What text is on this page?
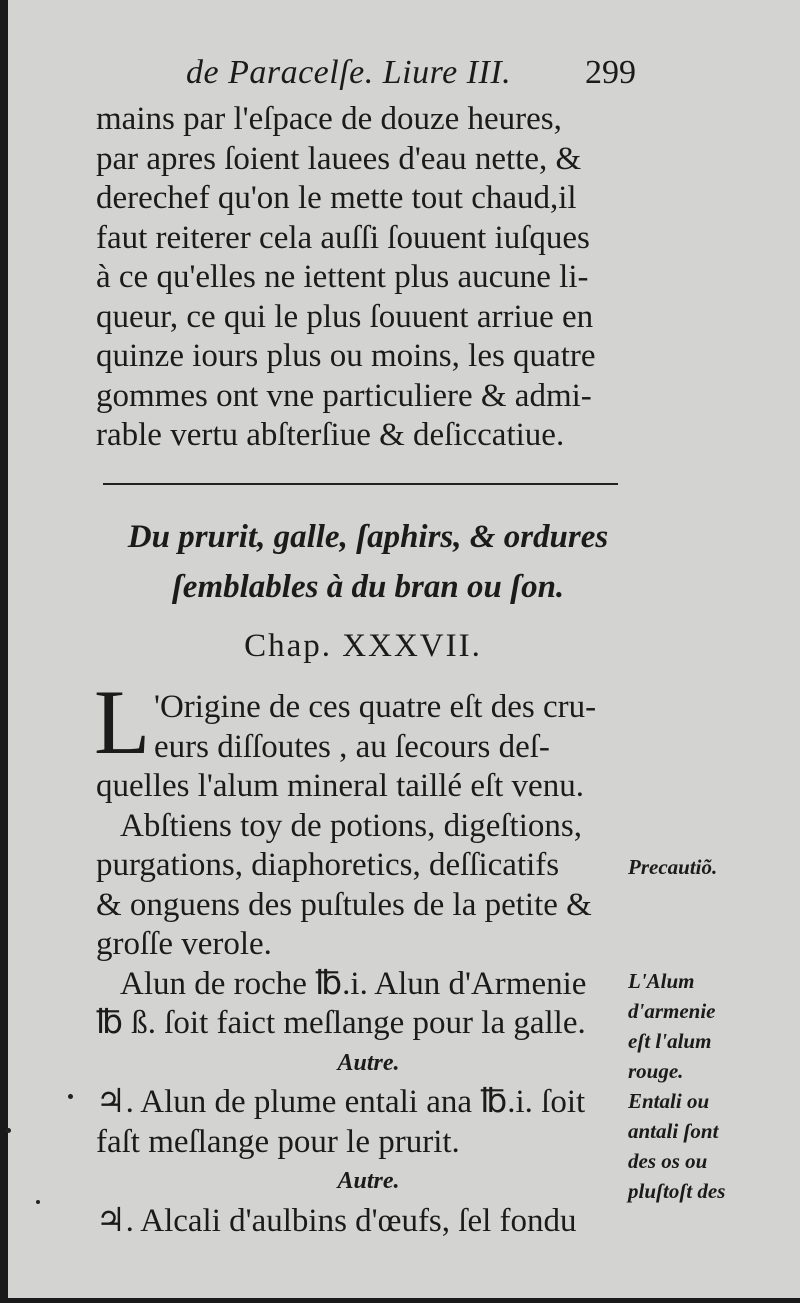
de Paracelſe. Liure III. 299
mains par l'eſpace de douze heures,
par apres ſoient lauees d'eau nette, &
derechef qu'on le mette tout chaud,il
faut reiterer cela auſſi ſouuent iuſques
à ce qu'elles ne iettent plus aucune li-
queur, ce qui le plus ſouuent arriue en
quinze iours plus ou moins, les quatre
gommes ont vne particuliere & admi-
rable vertu abſterſiue & deſiccatiue.
Du prurit, galle, ſaphirs, & ordures
ſemblables à du bran ou ſon.
Chap. XXXVII.
L 'Origine de ces quatre eſt des cru-
eurs diſſoutes , au ſecours deſ-
quelles l'alum mineral taillé eſt venu.
Abſtiens toy de potions, digeſtions,
purgations, diaphoretics, deſſicatifs
& onguens des puſtules de la petite &
groſſe verole.
Alun de roche ℔.i. Alun d'Armenie
℔ ß. ſoit faict meſlange pour la galle.
Autre.
♃. Alun de plume entali ana ℔.i. ſoit
faſt meſlange pour le prurit.
Autre.
♃. Alcali d'aulbins d'œufs, ſel fondu
Precautiõ.
L'Alum
d'armenie
eſt l'alum
rouge.
Entali ou
antali ſont
des os ou
pluſtoſt des
